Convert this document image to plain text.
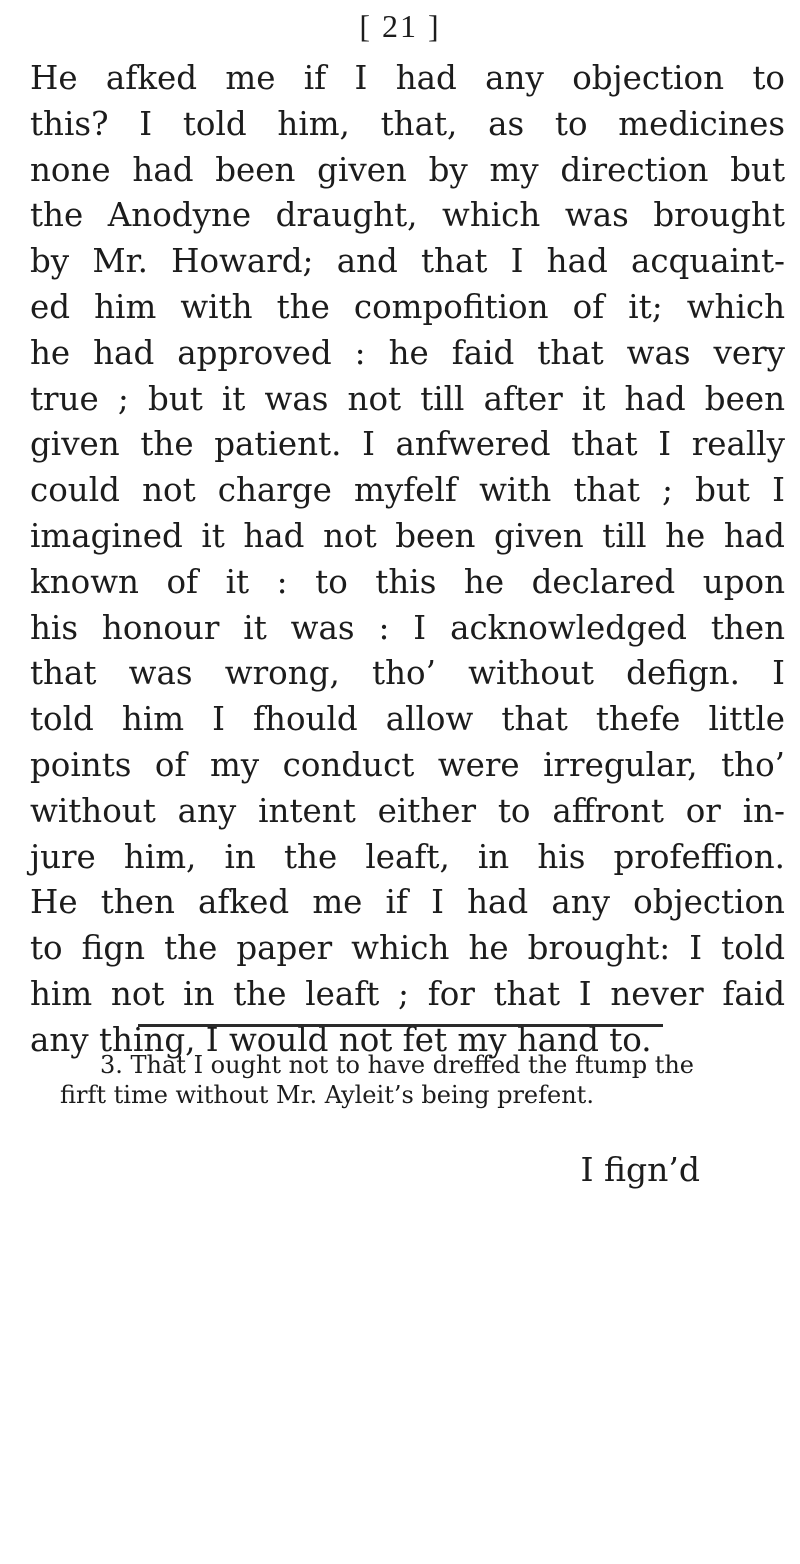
[ 21 ]
He afked me if I had any objection to
this? I told him, that, as to medicines
none had been given by my direction but
the Anodyne draught, which was brought
by Mr. Howard; and that I had acquaint-
ed him with the compofition of it; which
he had approved : he faid that was very
true ; but it was not till after it had been
given the patient. I anfwered that I really
could not charge myfelf with that ; but I
imagined it had not been given till he had
known of it : to this he declared upon
his honour it was : I acknowledged then
that was wrong, tho’ without defign. I
told him I fhould allow that thefe little
points of my conduct were irregular, tho’
without any intent either to affront or in-
jure him, in the leaft, in his profeffion.
He then afked me if I had any objection
to fign the paper which he brought: I told
him not in the leaft ; for that I never faid
any thing, I would not fet my hand to.
3. That I ought not to have dreffed the ftump the
firft time without Mr. Ayleit’s being prefent.
I fign’d
